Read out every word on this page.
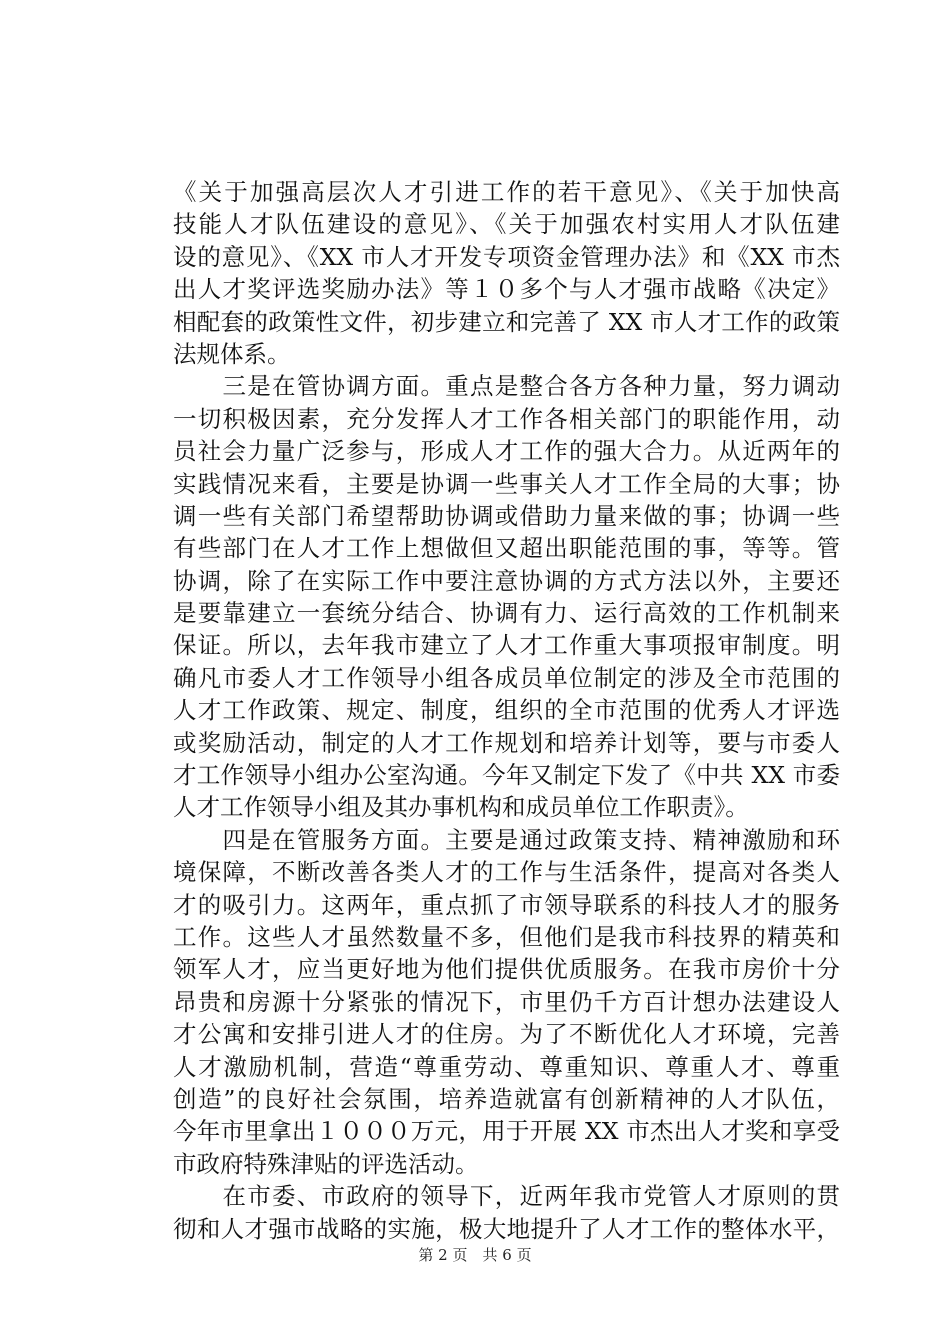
《关于加强高层次人才引进工作的若干意见》、《关于加快高
技能人才队伍建设的意见》、《关于加强农村实用人才队伍建
设的意见》、《XX 市人才开发专项资金管理办法》和《XX 市杰
出人才奖评选奖励办法》等１０多个与人才强市战略《决定》
相配套的政策性文件，初步建立和完善了 XX 市人才工作的政策
法规体系。
　　三是在管协调方面。重点是整合各方各种力量，努力调动
一切积极因素，充分发挥人才工作各相关部门的职能作用，动
员社会力量广泛参与，形成人才工作的强大合力。从近两年的
实践情况来看，主要是协调一些事关人才工作全局的大事；协
调一些有关部门希望帮助协调或借助力量来做的事；协调一些
有些部门在人才工作上想做但又超出职能范围的事，等等。管
协调，除了在实际工作中要注意协调的方式方法以外，主要还
是要靠建立一套统分结合、协调有力、运行高效的工作机制来
保证。所以，去年我市建立了人才工作重大事项报审制度。明
确凡市委人才工作领导小组各成员单位制定的涉及全市范围的
人才工作政策、规定、制度，组织的全市范围的优秀人才评选
或奖励活动，制定的人才工作规划和培养计划等，要与市委人
才工作领导小组办公室沟通。今年又制定下发了《中共 XX 市委
人才工作领导小组及其办事机构和成员单位工作职责》。
　　四是在管服务方面。主要是通过政策支持、精神激励和环
境保障，不断改善各类人才的工作与生活条件，提高对各类人
才的吸引力。这两年，重点抓了市领导联系的科技人才的服务
工作。这些人才虽然数量不多，但他们是我市科技界的精英和
领军人才，应当更好地为他们提供优质服务。在我市房价十分
昂贵和房源十分紧张的情况下，市里仍千方百计想办法建设人
才公寓和安排引进人才的住房。为了不断优化人才环境，完善
人才激励机制，营造“尊重劳动、尊重知识、尊重人才、尊重
创造”的良好社会氛围，培养造就富有创新精神的人才队伍，
今年市里拿出１０００万元，用于开展 XX 市杰出人才奖和享受
市政府特殊津贴的评选活动。
　　在市委、市政府的领导下，近两年我市党管人才原则的贯
彻和人才强市战略的实施，极大地提升了人才工作的整体水平，
第 2 页　共 6 页
